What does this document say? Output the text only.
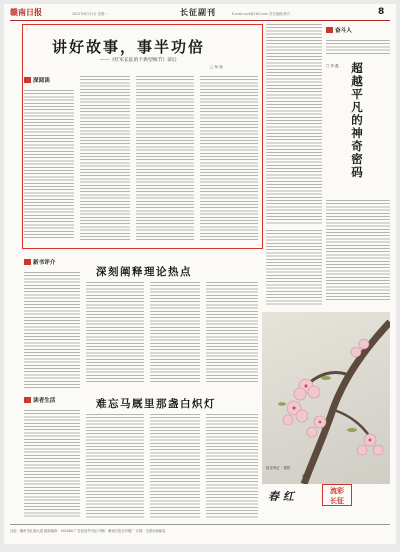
赣南日报	2021年6月21日 星期一	长征副刊	E-mail:cszs@163.com 责任编辑/校对	8
深阅读
讲好故事，事半功倍
——《红军长征的个典型细节》读后
□ 杨 晓
奋斗人
超越平凡的神奇密码
□ 李 鑫
新书评介
读者生活
深刻阐释理论热点
难忘马厩里那盏白炽灯
桃花映红 · 摄影
晓 华
春 红	流彩
长征
社址：赣州市红旗大道 邮政编码：341000 广告经营许可证 印刷：赣南日报社印刷厂 订阅：全国各地邮局
